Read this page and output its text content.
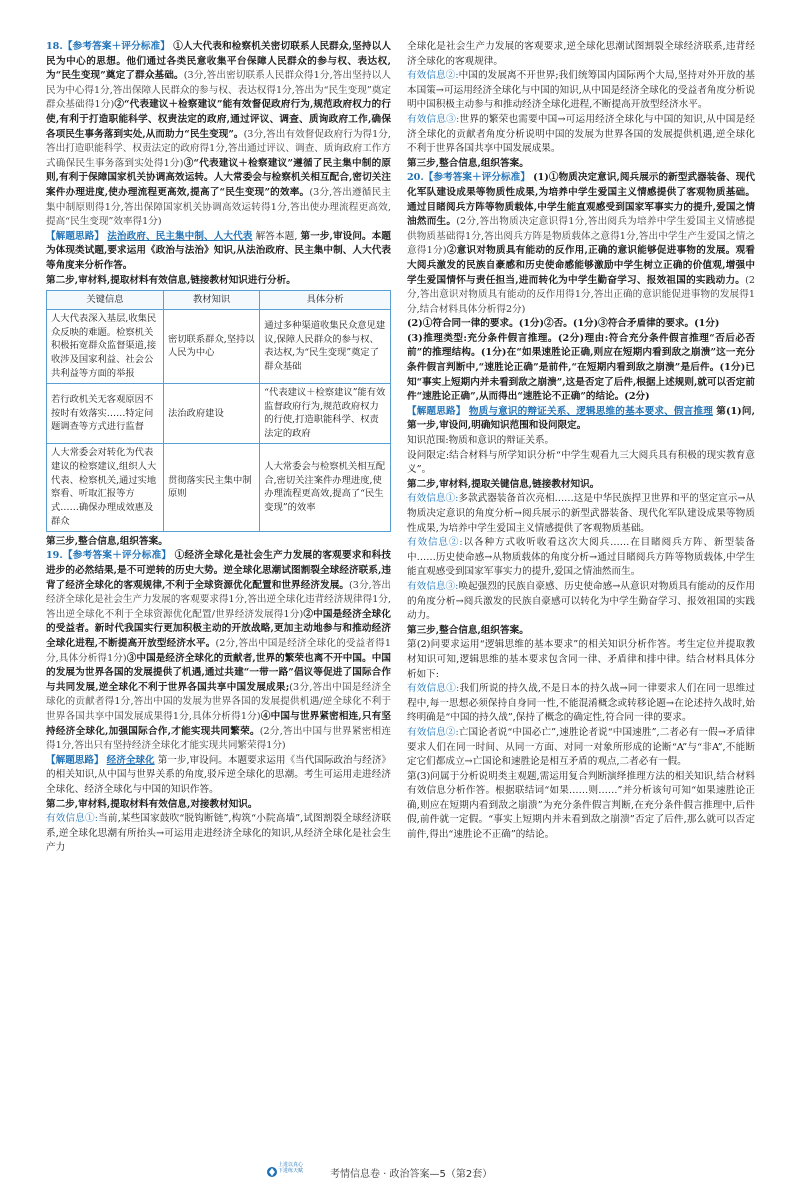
18.【参考答案＋评分标准】 ①人大代表和检察机关密切联系人民群众,坚持以人民为中心的思想。他们通过各类民意收集平台保障人民群众的参与权、表达权,为“民生变现”奠定了群众基础。(3分,答出密切联系人民群众得1分,答出坚持以人民为中心得1分,答出保障人民群众的参与权、表达权得1分,答出为“民生变现”奠定群众基础得1分)②“代表建议＋检察建议”能有效督促政府行为,规范政府权力的行使,有利于打造职能科学、权责法定的政府,通过评议、调查、质询政府工作,确保各项民生事务落到实处,从而助力“民生变现”。(3分,答出有效督促政府行为得1分,答出打造职能科学、权责法定的政府得1分,答出通过评议、调查、质询政府工作方式确保民生事务落到实处得1分)③“代表建议＋检察建议”遵循了民主集中制的原则,有利于保障国家机关协调高效运转。人大常委会与检察机关相互配合,密切关注案件办理进度,使办理流程更高效,提高了“民生变现”的效率。(3分,答出遵循民主集中制原则得1分,答出保障国家机关协调高效运转得1分,答出使办理流程更高效,提高“民生变现”效率得1分)

【解题思路】 法治政府、民主集中制、人大代表 解答本题, 第一步,审设问。本题为体现类试题,要求运用《政治与法治》知识,从法治政府、民主集中制、人大代表等角度来分析作答。

第二步,审材料,提取材料有效信息,链接教材知识进行分析。

关键信息	教材知识	具体分析
人大代表深入基层,收集民众反映的难题。检察机关积极拓宽群众监督渠道,接收涉及国家利益、社会公共利益等方面的举报	密切联系群众,坚持以人民为中心	通过多种渠道收集民众意见建议,保障人民群众的参与权、表达权,为“民生变现”奠定了群众基础
若行政机关无客观原因不按时有效落实……特定问题调查等方式进行监督	法治政府建设	“代表建议＋检察建议”能有效监督政府行为,规范政府权力的行使,打造职能科学、权责法定的政府
人大常委会对转化为代表建议的检察建议,组织人大代表、检察机关,通过实地察看、听取汇报等方式……确保办理成效惠及群众	贯彻落实民主集中制原则	人大常委会与检察机关相互配合,密切关注案件办理进度,使办理流程更高效,提高了“民生变现”的效率

第三步,整合信息,组织答案。

19.【参考答案＋评分标准】 ①经济全球化是社会生产力发展的客观要求和科技进步的必然结果,是不可逆转的历史大势。逆全球化思潮试图割裂全球经济联系,违背了经济全球化的客观规律,不利于全球资源优化配置和世界经济发展。(3分,答出经济全球化是社会生产力发展的客观要求得1分,答出逆全球化违背经济规律得1分,答出逆全球化不利于全球资源优化配置/世界经济发展得1分)②中国是经济全球化的受益者。新时代我国实行更加积极主动的开放战略,更加主动地参与和推动经济全球化进程,不断提高开放型经济水平。(2分,答出中国是经济全球化的受益者得1分,具体分析得1分)③中国是经济全球化的贡献者,世界的繁荣也离不开中国。中国的发展为世界各国的发展提供了机遇,通过共建“一带一路”倡议等促进了国际合作与共同发展,逆全球化不利于世界各国共享中国发展成果;(3分,答出中国是经济全球化的贡献者得1分,答出中国的发展为世界各国的发展提供机遇/逆全球化不利于世界各国共享中国发展成果得1分,具体分析得1分)④中国与世界紧密相连,只有坚持经济全球化,加强国际合作,才能实现共同繁荣。(2分,答出中国与世界紧密相连得1分,答出只有坚持经济全球化才能实现共同繁荣得1分)

【解题思路】 经济全球化 第一步,审设问。本题要求运用《当代国际政治与经济》的相关知识,从中国与世界关系的角度,驳斥逆全球化的思潮。考生可运用走进经济全球化、经济全球化与中国的知识作答。

第二步,审材料,提取材料有效信息,对接教材知识。

有效信息①:当前,某些国家鼓吹“脱钩断链”,构筑“小院高墙”,试图割裂全球经济联系,逆全球化思潮有所抬头→可运用走进经济全球化的知识,从经济全球化是社会生产力

全球化是社会生产力发展的客观要求,逆全球化思潮试图割裂全球经济联系,违背经济全球化的客观规律。

有效信息②:中国的发展离不开世界;我们统筹国内国际两个大局,坚持对外开放的基本国策→可运用经济全球化与中国的知识,从中国是经济全球化的受益者角度分析说明中国积极主动参与和推动经济全球化进程,不断提高开放型经济水平。

有效信息③:世界的繁荣也需要中国→可运用经济全球化与中国的知识,从中国是经济全球化的贡献者角度分析说明中国的发展为世界各国的发展提供机遇,逆全球化不利于世界各国共享中国发展成果。

第三步,整合信息,组织答案。

20.【参考答案＋评分标准】 (1)①物质决定意识,阅兵展示的新型武器装备、现代化军队建设成果等物质性成果,为培养中学生爱国主义情感提供了客观物质基础。通过目睹阅兵方阵等物质载体,中学生能直观感受到国家军事实力的提升,爱国之情油然而生。(2分,答出物质决定意识得1分,答出阅兵为培养中学生爱国主义情感提供物质基础得1分,答出阅兵方阵是物质载体之意得1分,答出中学生产生爱国之情之意得1分)②意识对物质具有能动的反作用,正确的意识能够促进事物的发展。观看大阅兵激发的民族自豪感和历史使命感能够激励中学生树立正确的价值观,增强中学生爱国情怀与责任担当,进而转化为中学生勤奋学习、报效祖国的实践动力。(2分,答出意识对物质具有能动的反作用得1分,答出正确的意识能促进事物的发展得1分,结合材料具体分析得2分)

(2)①符合同一律的要求。(1分)②否。(1分)③符合矛盾律的要求。(1分)

(3)推理类型:充分条件假言推理。(2分)理由:符合充分条件假言推理“否后必否前”的推理结构。(1分)在“如果速胜论正确,则应在短期内看到敌之崩溃”这一充分条件假言判断中,“速胜论正确”是前件,“在短期内看到敌之崩溃”是后件。(1分)已知“事实上短期内并未看到敌之崩溃”,这是否定了后件,根据上述规则,就可以否定前件“速胜论正确”,从而得出“速胜论不正确”的结论。(2分)

【解题思路】 物质与意识的辩证关系、逻辑思维的基本要求、假言推理 第(1)问,第一步,审设问,明确知识范围和设问限定。

知识范围:物质和意识的辩证关系。

设问限定:结合材料与所学知识分析“中学生观看九三大阅兵具有积极的现实教育意义”。

第二步,审材料,提取关键信息,链接教材知识。

有效信息①:多款武器装备首次亮相……这是中华民族捍卫世界和平的坚定宣示→从物质决定意识的角度分析→阅兵展示的新型武器装备、现代化军队建设成果等物质性成果,为培养中学生爱国主义情感提供了客观物质基础。

有效信息②:以各种方式收听收看这次大阅兵……在目睹阅兵方阵、新型装备中……历史使命感→从物质载体的角度分析→通过目睹阅兵方阵等物质载体,中学生能直观感受到国家军事实力的提升,爱国之情油然而生。

有效信息③:唤起强烈的民族自豪感、历史使命感→从意识对物质具有能动的反作用的角度分析→阅兵激发的民族自豪感可以转化为中学生勤奋学习、报效祖国的实践动力。

第三步,整合信息,组织答案。

第(2)问要求运用“逻辑思维的基本要求”的相关知识分析作答。考生定位并提取教材知识可知,逻辑思维的基本要求包含同一律、矛盾律和排中律。结合材料具体分析如下:

有效信息①:我们所说的持久战,不是日本的持久战→同一律要求人们在同一思维过程中,每一思想必须保持自身同一性,不能混淆概念或转移论题→在论述持久战时,始终明确是“中国的持久战”,保持了概念的确定性,符合同一律的要求。

有效信息②:亡国论者说“中国必亡”,速胜论者说“中国速胜”,二者必有一假→矛盾律要求人们在同一时间、从同一方面、对同一对象所形成的论断“A”与“非A”,不能断定它们都成立→亡国论和速胜论是相互矛盾的观点,二者必有一假。

第(3)问属于分析说明类主观题,需运用复合判断演绎推理方法的相关知识,结合材料有效信息分析作答。根据联结词“如果……则……”并分析该句可知“如果速胜论正确,则应在短期内看到敌之崩溃”为充分条件假言判断,在充分条件假言推理中,后件假,前件就一定假。“事实上短期内并未看到敌之崩溃”否定了后件,那么就可以否定前件,得出“速胜论不正确”的结论。

上进以真心
下进练天赋	考情信息卷 · 政治答案—5（第2套）
